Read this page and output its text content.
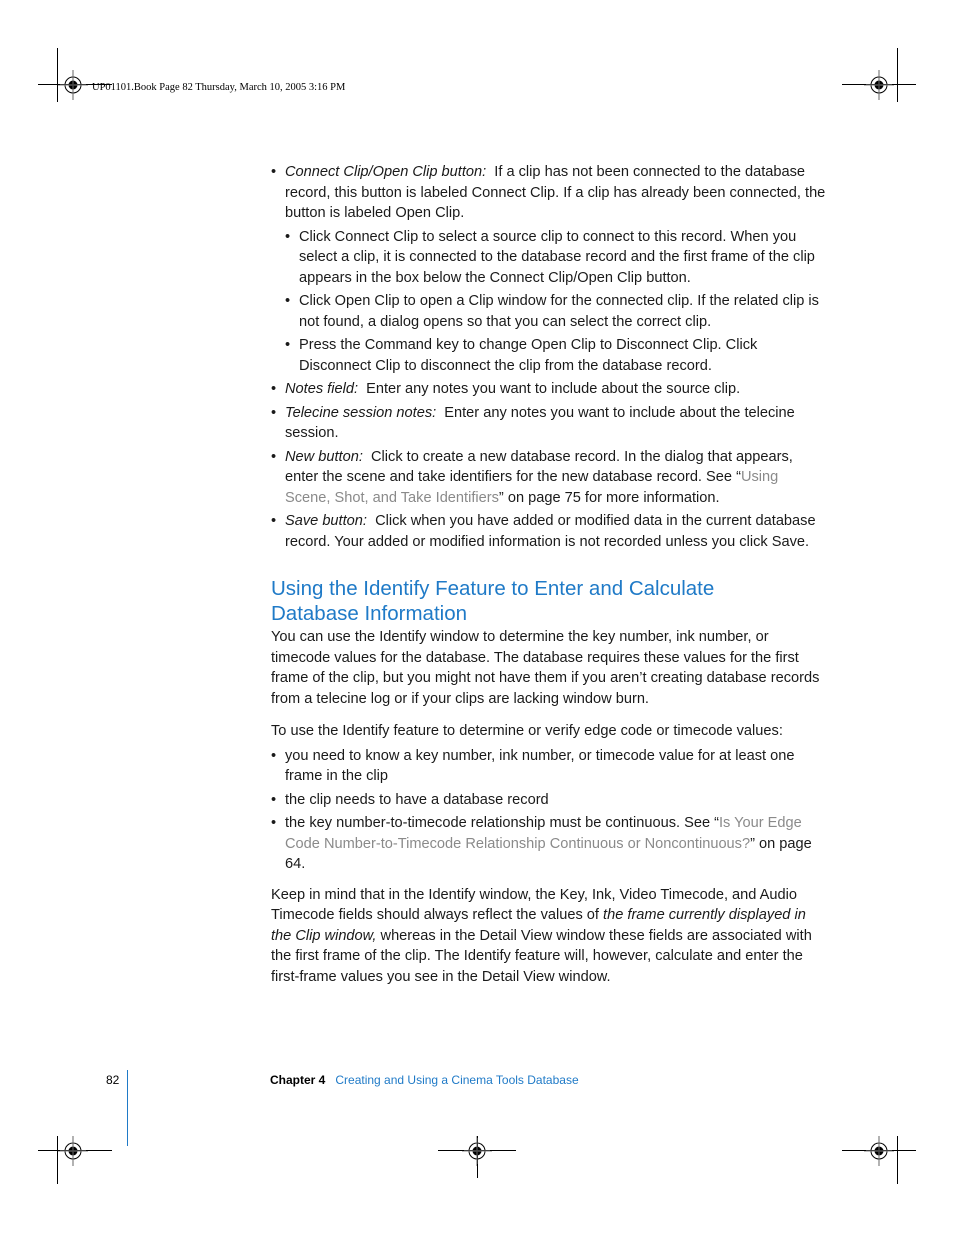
UP01101.Book Page 82 Thursday, March 10, 2005 3:16 PM
• Connect Clip/Open Clip button: If a clip has not been connected to the database record, this button is labeled Connect Clip. If a clip has already been connected, the button is labeled Open Clip.
• Click Connect Clip to select a source clip to connect to this record. When you select a clip, it is connected to the database record and the first frame of the clip appears in the box below the Connect Clip/Open Clip button.
• Click Open Clip to open a Clip window for the connected clip. If the related clip is not found, a dialog opens so that you can select the correct clip.
• Press the Command key to change Open Clip to Disconnect Clip. Click Disconnect Clip to disconnect the clip from the database record.
• Notes field: Enter any notes you want to include about the source clip.
• Telecine session notes: Enter any notes you want to include about the telecine session.
• New button: Click to create a new database record. In the dialog that appears, enter the scene and take identifiers for the new database record. See “Using Scene, Shot, and Take Identifiers” on page 75 for more information.
• Save button: Click when you have added or modified data in the current database record. Your added or modified information is not recorded unless you click Save.
Using the Identify Feature to Enter and Calculate
Database Information
You can use the Identify window to determine the key number, ink number, or timecode values for the database. The database requires these values for the first frame of the clip, but you might not have them if you aren’t creating database records from a telecine log or if your clips are lacking window burn.
To use the Identify feature to determine or verify edge code or timecode values:
• you need to know a key number, ink number, or timecode value for at least one frame in the clip
• the clip needs to have a database record
• the key number-to-timecode relationship must be continuous. See “Is Your Edge Code Number-to-Timecode Relationship Continuous or Noncontinuous?” on page 64.
Keep in mind that in the Identify window, the Key, Ink, Video Timecode, and Audio Timecode fields should always reflect the values of the frame currently displayed in the Clip window, whereas in the Detail View window these fields are associated with the first frame of the clip. The Identify feature will, however, calculate and enter the first-frame values you see in the Detail View window.
82	Chapter 4 Creating and Using a Cinema Tools Database
